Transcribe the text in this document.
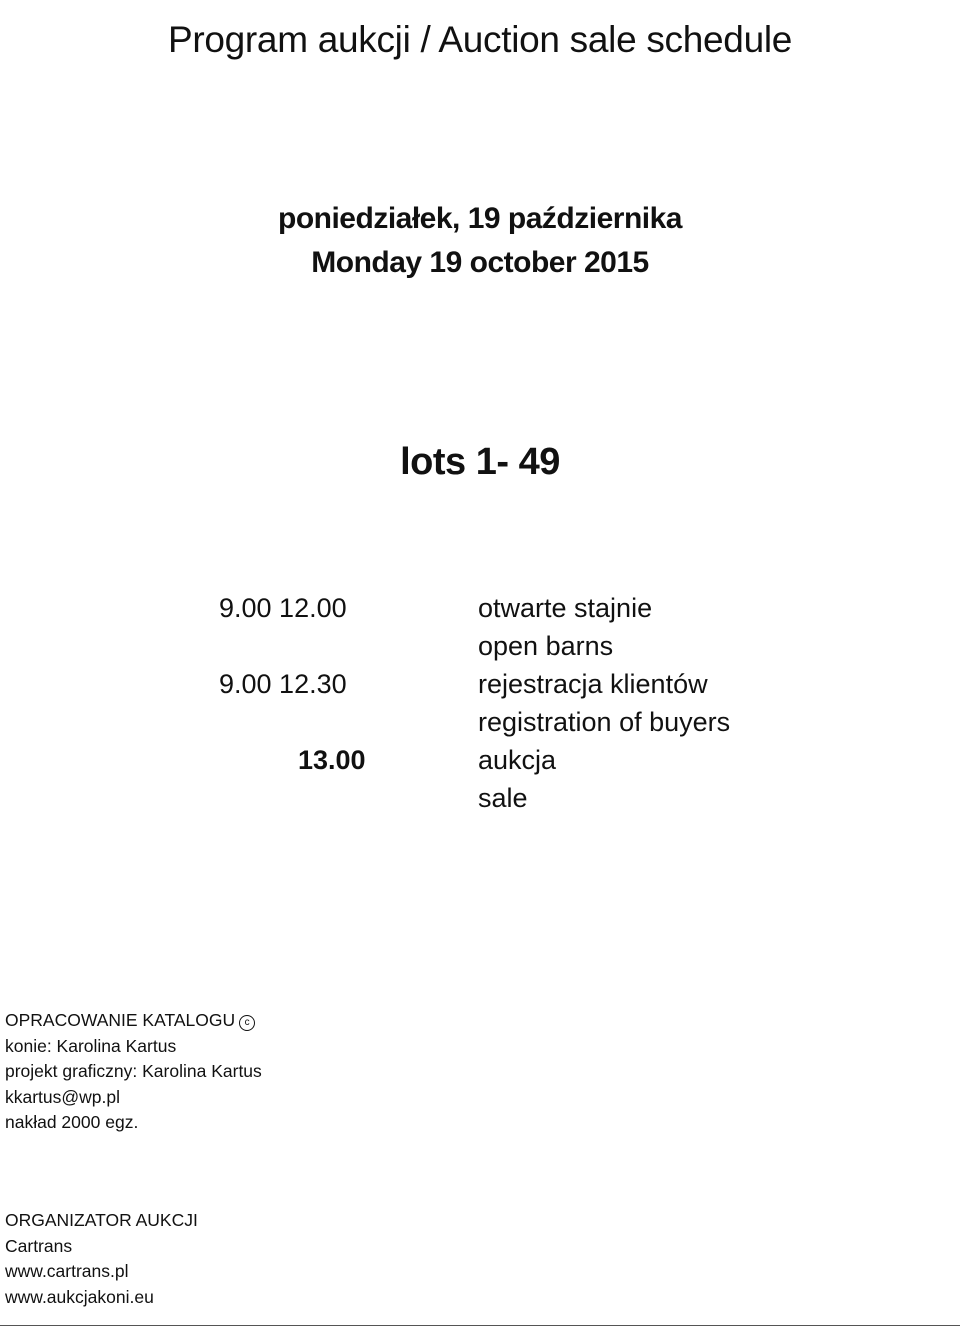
Program aukcji / Auction sale schedule
poniedziałek, 19 października
Monday 19 october 2015
lots 1- 49
9.00 12.00	otwarte stajnie
open barns
9.00 12.30	rejestracja klientów
registration of buyers
13.00	aukcja
sale
OPRACOWANIE KATALOGU c
konie: Karolina Kartus
projekt graficzny: Karolina Kartus
kkartus@wp.pl
nakład 2000 egz.
ORGANIZATOR AUKCJI
Cartrans
www.cartrans.pl
www.aukcjakoni.eu
